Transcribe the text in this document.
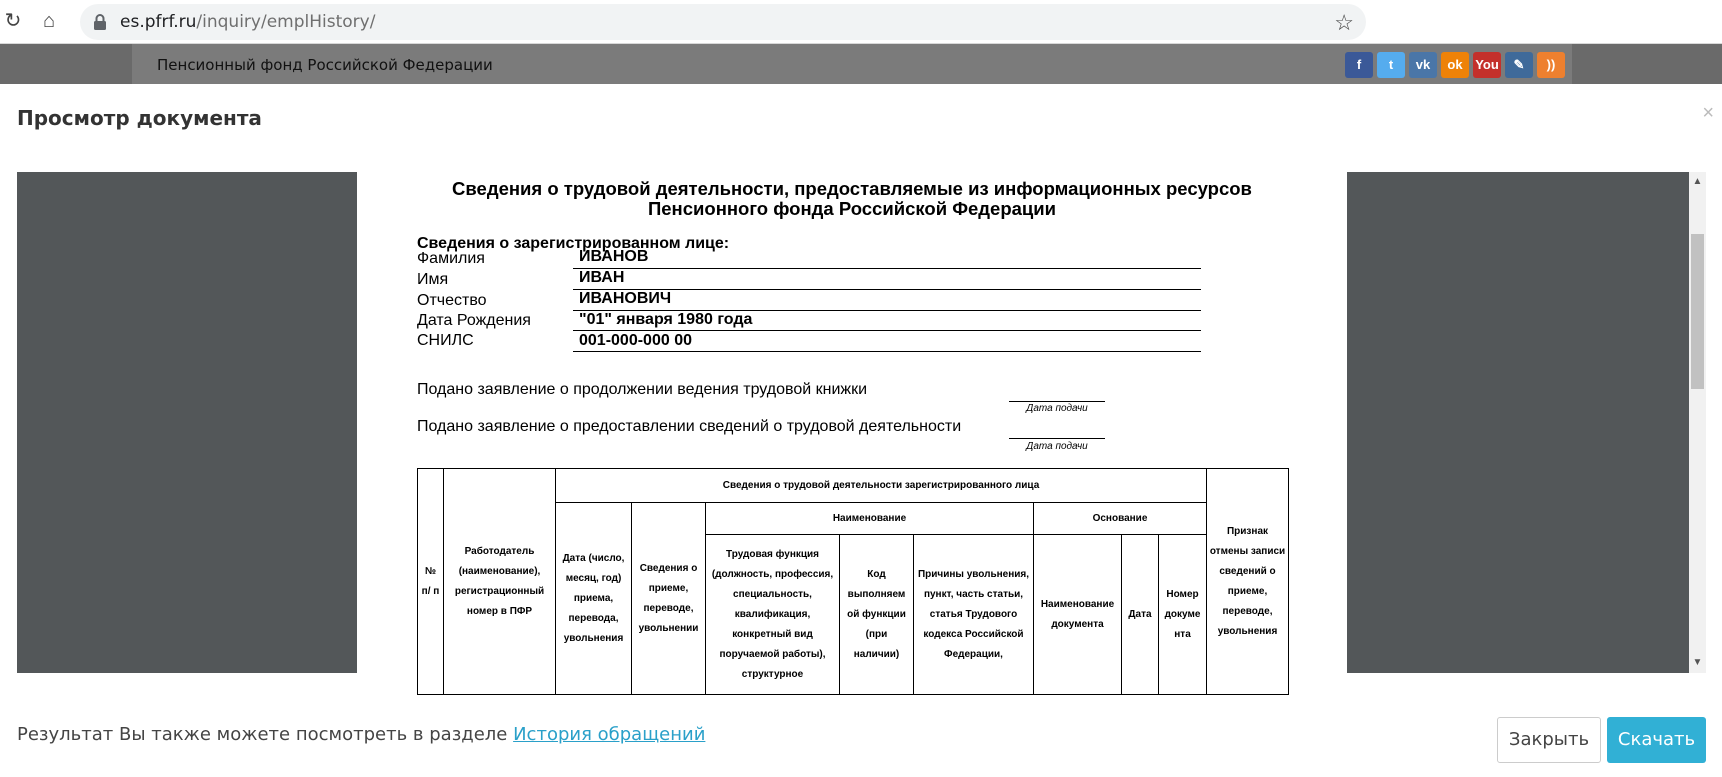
↻ ⌂	es.pfrf.ru/inquiry/emplHistory/	☆
Пенсионный фонд Российской Федерации	f	t	vk	ok You	✎	))
Просмотр документа	×
Сведения о трудовой деятельности, предоставляемые из информационных ресурсов
Пенсионного фонда Российской Федерации
Сведения о зарегистрированном лице:
Фамилия	ИВАНОВ
Имя	ИВАН
Отчество	ИВАНОВИЧ
Дата Рождения	"01" января 1980 года
СНИЛС	001-000-000 00
Подано заявление о продолжении ведения трудовой книжки
Дата подачи
Подано заявление о предоставлении сведений о трудовой деятельности
Дата подачи
№ п/ п	Работодатель (наименование), регистрационный номер в ПФР	Сведения о трудовой деятельности зарегистрированного лица								Признак отмены записи сведений о приеме, переводе, увольнения
		Дата (число, месяц, год) приема, перевода, увольнения	Сведения о приеме, переводе, увольнении	Наименование			Основание			
				Трудовая функция (должность, профессия, специальность, квалификация, конкретный вид поручаемой работы), структурное	Код выполняем ой функции (при наличии)	Причины увольнения, пункт, часть статьи, статья Трудового кодекса Российской Федерации,	Наименование документа	Дата	Номер докуме нта	
▲
▼
Результат Вы также можете посмотреть в разделе История обращений	Закрыть	Скачать
